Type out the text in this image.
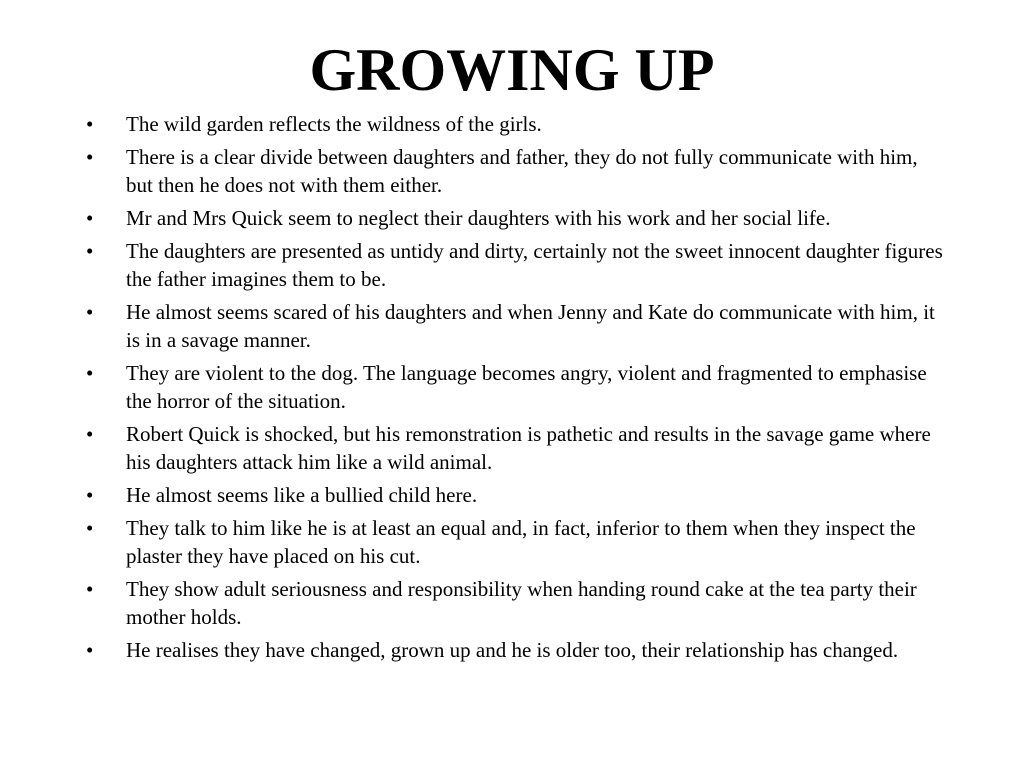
GROWING UP
•	The wild garden reflects the wildness of the girls.
•	There is a clear divide between daughters and father, they do not fully communicate with him, but then he does not with them either.
•	Mr and Mrs Quick seem to neglect their daughters with his work and her social life.
•	The daughters are presented as untidy and dirty, certainly not the sweet innocent daughter figures the father imagines them to be.
•	He almost seems scared of his daughters and when Jenny and Kate do communicate with him, it is in a savage manner.
•	They are violent to the dog. The language becomes angry, violent and fragmented to emphasise the horror of the situation.
•	Robert Quick is shocked, but his remonstration is pathetic and results in the savage game where his daughters attack him like a wild animal.
•	He almost seems like a bullied child here.
•	They talk to him like he is at least an equal and, in fact, inferior to them when they inspect the plaster they have placed on his cut.
•	They show adult seriousness and responsibility when handing round cake at the tea party their mother holds.
•	He realises they have changed, grown up and he is older too, their relationship has changed.
